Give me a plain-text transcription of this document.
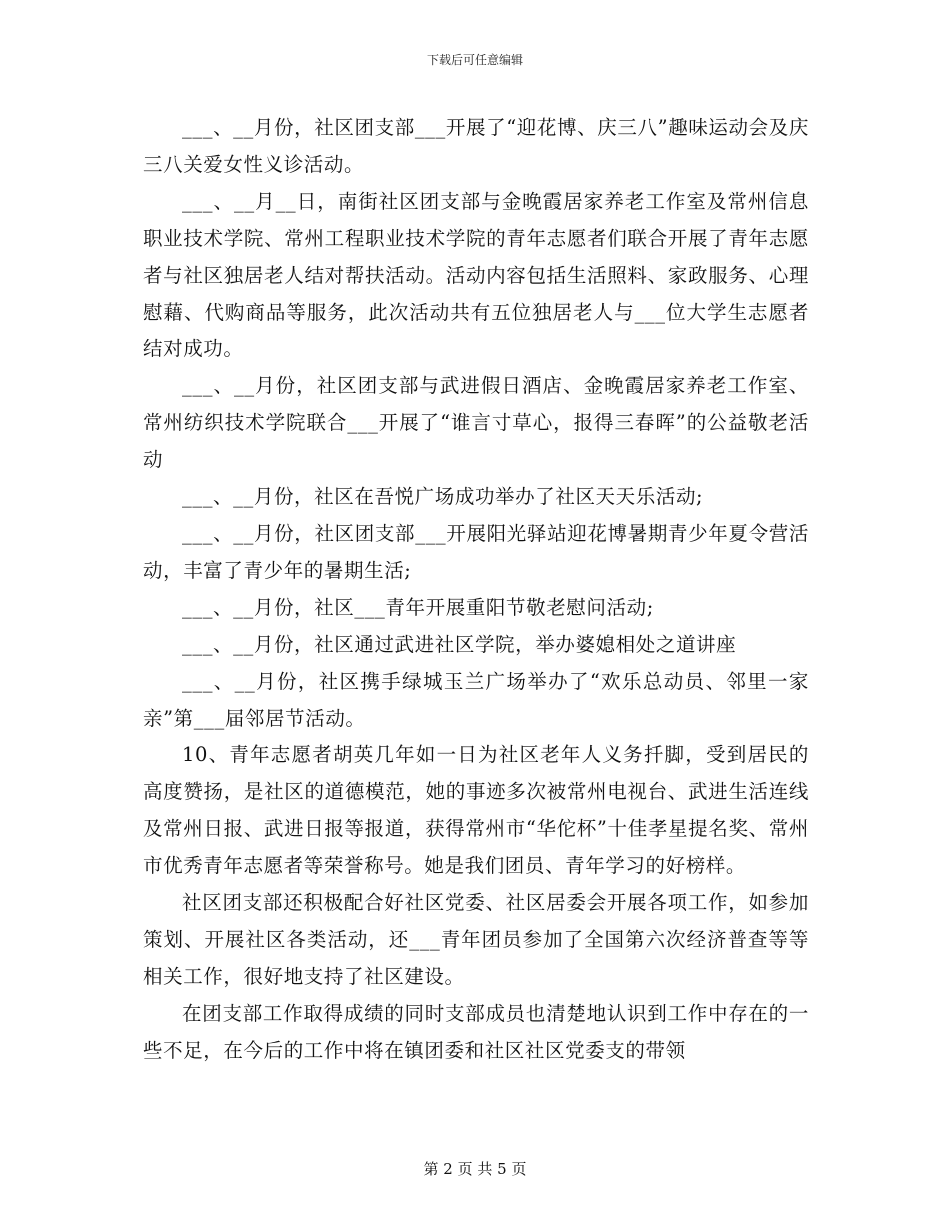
下载后可任意编辑

___、__月份，社区团支部___开展了“迎花博、庆三八”趣味运动会及庆三八关爱女性义诊活动。

___、__月__日，南街社区团支部与金晚霞居家养老工作室及常州信息职业技术学院、常州工程职业技术学院的青年志愿者们联合开展了青年志愿者与社区独居老人结对帮扶活动。活动内容包括生活照料、家政服务、心理慰藉、代购商品等服务，此次活动共有五位独居老人与___位大学生志愿者结对成功。

___、__月份，社区团支部与武进假日酒店、金晚霞居家养老工作室、常州纺织技术学院联合___开展了“谁言寸草心，报得三春晖”的公益敬老活动

___、__月份，社区在吾悦广场成功举办了社区天天乐活动;

___、__月份，社区团支部___开展阳光驿站迎花博暑期青少年夏令营活动，丰富了青少年的暑期生活;

___、__月份，社区___青年开展重阳节敬老慰问活动;

___、__月份，社区通过武进社区学院，举办婆媳相处之道讲座

___、__月份，社区携手绿城玉兰广场举办了“欢乐总动员、邻里一家亲”第___届邻居节活动。

10、青年志愿者胡英几年如一日为社区老年人义务扦脚，受到居民的高度赞扬，是社区的道德模范，她的事迹多次被常州电视台、武进生活连线及常州日报、武进日报等报道，获得常州市“华佗杯”十佳孝星提名奖、常州市优秀青年志愿者等荣誉称号。她是我们团员、青年学习的好榜样。

社区团支部还积极配合好社区党委、社区居委会开展各项工作，如参加策划、开展社区各类活动，还___青年团员参加了全国第六次经济普查等等相关工作，很好地支持了社区建设。

在团支部工作取得成绩的同时支部成员也清楚地认识到工作中存在的一些不足，在今后的工作中将在镇团委和社区社区党委支的带领

第 2 页 共 5 页
